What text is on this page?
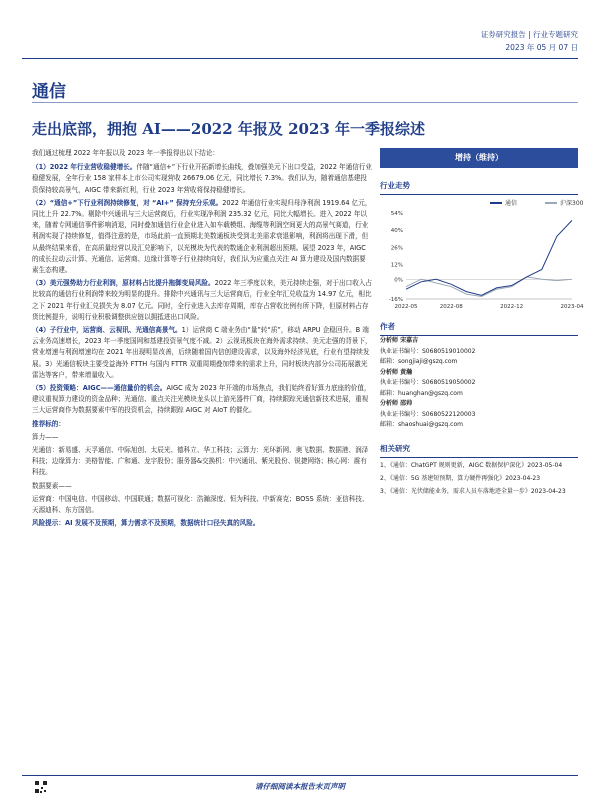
证券研究报告 | 行业专题研究
2023 年 05 月 07 日
通信
走出底部，拥抱 AI——2022 年报及 2023 年一季报综述

我们通过梳理 2022 年年报以及 2023 年一季报得出以下结论：

（1）2022 年行业营收稳健增长。伴随“通信+”下行业开拓新增长曲线，叠加强美元下出口受益，2022 年通信行业稳健发展，全年行业 158 家样本上市公司实现营收 26679.06 亿元，同比增长 7.3%。我们认为，随着通信基建投资保持较高景气，AIGC 带来新红利，行业 2023 年营收将保持稳健增长。

（2）“通信+”下行业利润持续修复，对 “AI+” 保持充分乐观。2022 年通信行业实现归母净利润 1919.64 亿元，同比上升 22.7%。剔除中兴通讯与三大运营商后，行业实现净利润 235.32 亿元，同比大幅增长。进入 2022 年以来，随着专网通信事件影响消退，同时叠加通信行业企业进入如车载模组、海缆等利润空间更大的高景气赛道，行业利润实现了持续修复，值得注意的是，市场此前一直预期北美数通板块受到北美需求衰退影响，利润将出现下滑，但从最终结果来看，在高质量经营以及汇兑影响下，以光模块为代表的数通企业利润超出预期。展望 2023 年，AIGC 的成长拉动云计算、光通信、运营商、边缘计算等子行业持续向好，我们认为应重点关注 AI 算力建设及国内数据要素生态构建。

（3）美元强势助力行业利润，原材料占比提升拖御变局风险。2022 年三季度以来，美元持续走强，对于出口收入占比较高的通信行业利润带来较为明显的提升。排除中兴通讯与三大运营商后，行业全年汇兑收益为 14.97 亿元，相比之下 2021 年行业汇兑损失为 8.07 亿元。同时，全行业进入去库存周期，库存占营收比例有所下降，但原材料占存货比例提升，说明行业积极调整供应链以拥抵进出口风险。

（4）子行业中，运营商、云视讯、光通信高景气。1）运营商 C 端业务由“量”转“质”，移动 ARPU 企稳回升。B 端云业务高速增长，2023 年一季度国网和基建投资景气度不减。2）云视讯板块在海外需求持续、美元走强的背景下，营业增速与利润增速均在 2021 年出现明显改善，后续随着国内信创建设需求，以及海外经济见底，行业有望持续发展。3）光通信板块主要受益海外 FTTH 与国内 FTTR 双重周期叠加带来的需求上升，同时板块内部分公司拓展激光雷达等客户，带来增量收入。

（5）投资策略：AIGC——通信量价的机会。AIGC 成为 2023 年开端的市场焦点，我们始终看好算力底座的价值，建议重视算力建设的资金品种；光通信、重点关注光模块龙头以上游光器件厂商，持续跟踪光通信新技术进展，重视三大运营商作为数据要素中军的投资机会，持续跟踪 AIGC 对 AIoT 的催化。

推荐标的：

算力——

光通信：新易盛、天孚通信、中际旭创、太辰光、德科立、华工科技；云算力：光环新网、奥飞数据、数据港、润泽科技；边缘算力：美格智能、广和通、龙宇股份；服务器&交换机：中兴通讯、紫光股份、锐捷网络；核心网：震有科技。

数据要素——

运营商：中国电信、中国移动、中国联通；数据可视化：浩瀚深度、恒为科技、中新赛克；BOSS 系统：亚信科技、天源迪科、东方国信。

风险提示：AI 发展不及预期，算力需求不及预期，数据统计口径失真的风险。

增持（维持）
行业走势
通信	沪深300
54%
40%
26%
12%
0%
-16%
2022-05	2022-08	2022-12	2023-04
作者
分析师 宋嘉吉
执业证书编号：S0680519010002
邮箱：songjiaji@gszq.com
分析师 黄瀚
执业证书编号：S0680519050002
邮箱：huanghan@gszq.com
分析师 邵帅
执业证书编号：S0680522120003
邮箱：shaoshuai@gszq.com
相关研究
1、《通信：ChatGPT 规则更新，AIGC 数据保护深化》2023-05-04
2、《通信：5G 基建短预期，算力硬件再强化》2023-04-23
3、《通信：光伏储能业务，需求人员车落地迹全量一步》2023-04-23
请仔细阅读本报告末页声明
